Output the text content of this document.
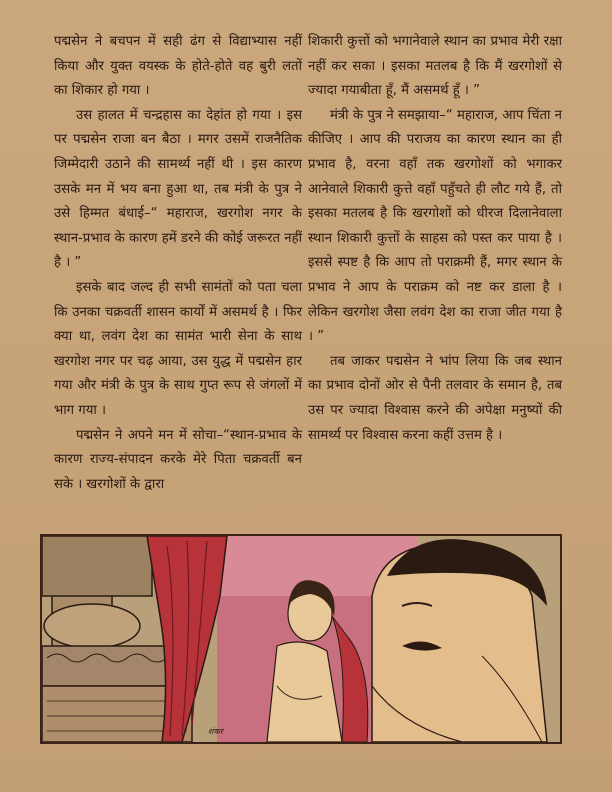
पद्मसेन ने बचपन में सही ढंग से विद्याभ्यास नहीं किया और युक्त वयस्क के होते-होते वह बुरी लतों का शिकार हो गया ।

उस हालत में चन्द्रहास का देहांत हो गया । इस पर पद्मसेन राजा बन बैठा । मगर उसमें राजनैतिक जिम्मेदारी उठाने की सामर्थ्य नहीं थी । इस कारण उसके मन में भय बना हुआ था, तब मंत्री के पुत्र ने उसे हिम्मत बंधाई–“ महाराज, खरगोश नगर के स्थान-प्रभाव के कारण हमें डरने की कोई जरूरत नहीं है । ”

इसके बाद जल्द ही सभी सामंतों को पता चला कि उनका चक्रवर्ती शासन कार्यों में असमर्थ है । फिर क्या था, लवंग देश का सामंत भारी सेना के साथ खरगोश नगर पर चढ़ आया, उस युद्ध में पद्मसेन हार गया और मंत्री के पुत्र के साथ गुप्त रूप से जंगलों में भाग गया ।

पद्मसेन ने अपने मन में सोचा–“स्थान-प्रभाव के कारण राज्य-संपादन करके मेरे पिता चक्रवर्ती बन सके । खरगोशों के द्वारा

शिकारी कुत्तों को भगानेवाले स्थान का प्रभाव मेरी रक्षा नहीं कर सका । इसका मतलब है कि मैं खरगोशों से ज्यादा गयाबीता हूँ, मैं असमर्थ हूँ । ”

मंत्री के पुत्र ने समझाया–“ महाराज, आप चिंता न कीजिए । आप की पराजय का कारण स्थान का ही प्रभाव है, वरना वहाँ तक खरगोशों को भगाकर आनेवाले शिकारी कुत्ते वहाँ पहुँचते ही लौट गये हैं, तो इसका मतलब है कि खरगोशों को धीरज दिलानेवाला स्थान शिकारी कुत्तों के साहस को पस्त कर पाया है । इससे स्पष्ट है कि आप तो पराक्रमी हैं, मगर स्थान के प्रभाव ने आप के पराक्रम को नष्ट कर डाला है । लेकिन खरगोश जैसा लवंग देश का राजा जीत गया है । ”

तब जाकर पद्मसेन ने भांप लिया कि जब स्थान का प्रभाव दोनों ओर से पैनी तलवार के समान है, तब उस पर ज्यादा विश्वास करने की अपेक्षा मनुष्यों की सामर्थ्य पर विश्वास करना कहीं उत्तम है ।

शंकर
